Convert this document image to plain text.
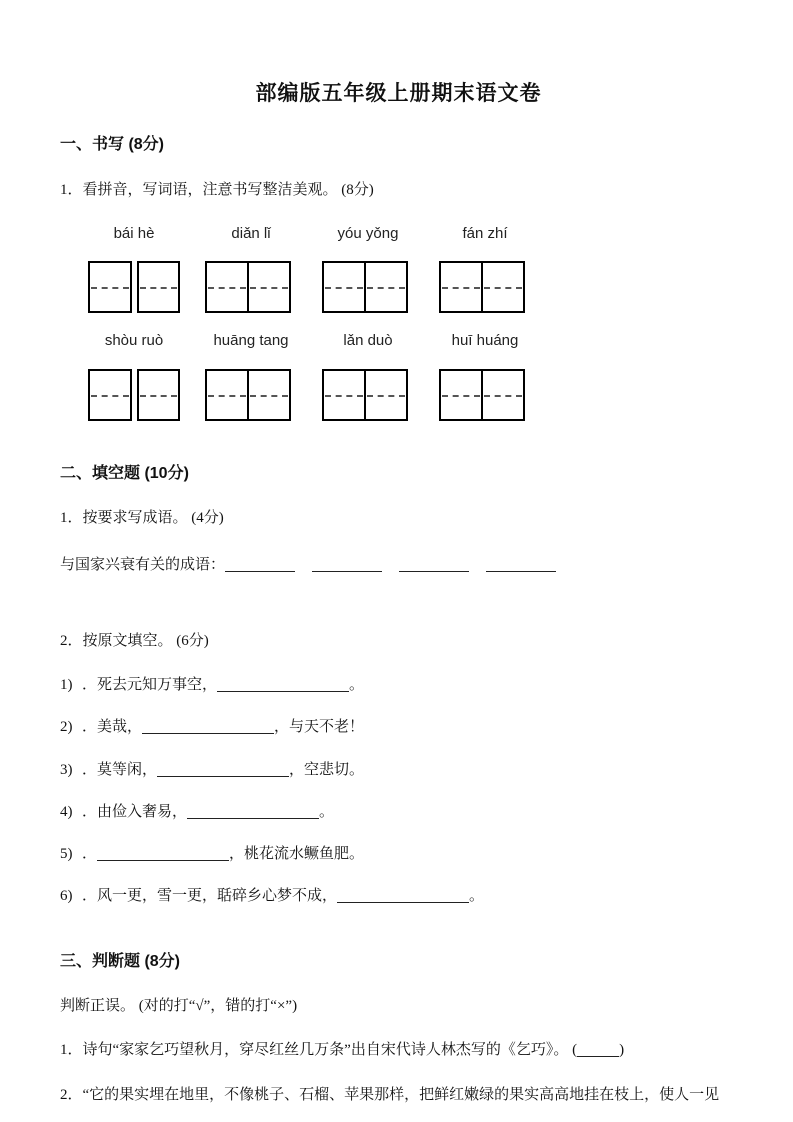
部编版五年级上册期末语文卷
一、书写 (8分)
1．看拼音，写词语，注意书写整洁美观。 (8分)
bái hè	diǎn lǐ	yóu yǒng	fán zhí
shòu ruò	huāng tang	lǎn duò	huī huáng
二、填空题 (10分)
1．按要求写成语。 (4分)
与国家兴衰有关的成语：
2．按原文填空。 (6分)
1) ．死去元知万事空，	。
2) ．美哉，	，与天不老！
3) ．莫等闲，	，空悲切。
4) ．由俭入奢易，	。
5) ．	，桃花流水鳜鱼肥。
6) ．风一更，雪一更，聒碎乡心梦不成，	。
三、判断题 (8分)
判断正误。 (对的打“√”，错的打“×”)
1．诗句“家家乞巧望秋月，穿尽红丝几万条”出自宋代诗人林杰写的《乞巧》。 (	)
2．“它的果实埋在地里，不像桃子、石榴、苹果那样，把鲜红嫩绿的果实高高地挂在枝上，使人一见
